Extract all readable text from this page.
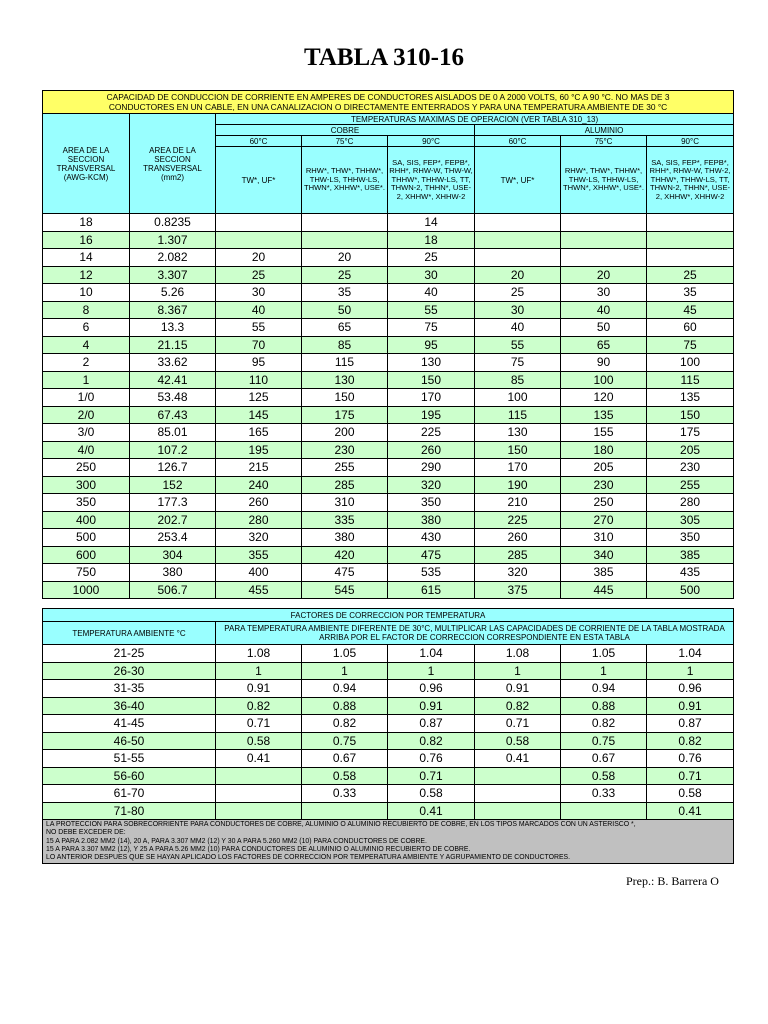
TABLA 310-16
CAPACIDAD DE CONDUCCION DE CORRIENTE EN AMPERES DE CONDUCTORES AISLADOS DE 0 A 2000 VOLTS, 60 °C A 90 °C. NO MAS DE 3
CONDUCTORES EN UN CABLE, EN UNA CANALIZACION O DIRECTAMENTE ENTERRADOS Y PARA UNA TEMPERATURA AMBIENTE DE 30 °C							

AREA DE LA SECCION TRANSVERSAL (AWG-KCM)	AREA DE LA SECCION TRANSVERSAL (mm2)	TEMPERATURAS MAXIMAS DE OPERACION (VER TABLA 310_13)					
		COBRE			ALUMINIO		
		60°C	75°C	90°C	60°C	75°C	90°C
		TW*, UF*	RHW*, THW*, THHW*, THW-LS, THHW-LS, THWN*, XHHW*, USE*.	SA, SIS, FEP*, FEPB*, RHH*, RHW-W, THW-W, THHW*, THHW-LS, TT, THWN-2, THHN*, USE-2, XHHW*, XHHW-2	TW*, UF*	RHW*, THW*, THHW*, THW-LS, THHW-LS, THWN*, XHHW*, USE*.	SA, SIS, FEP*, FEPB*, RHH*, RHW-W, THW-2, THHW*, THHW-LS, TT, THWN-2, THHN*, USE-2, XHHW*, XHHW-2
18	0.8235			14			
16	1.307			18			
14	2.082	20	20	25			
12	3.307	25	25	30	20	20	25
10	5.26	30	35	40	25	30	35
8	8.367	40	50	55	30	40	45
6	13.3	55	65	75	40	50	60
4	21.15	70	85	95	55	65	75
2	33.62	95	115	130	75	90	100
1	42.41	110	130	150	85	100	115
1/0	53.48	125	150	170	100	120	135
2/0	67.43	145	175	195	115	135	150
3/0	85.01	165	200	225	130	155	175
4/0	107.2	195	230	260	150	180	205
250	126.7	215	255	290	170	205	230
300	152	240	285	320	190	230	255
350	177.3	260	310	350	210	250	280
400	202.7	280	335	380	225	270	305
500	253.4	320	380	430	260	310	350
600	304	355	420	475	285	340	385
750	380	400	475	535	320	385	435
1000	506.7	455	545	615	375	445	500
FACTORES DE CORRECCION POR TEMPERATURA						
TEMPERATURA AMBIENTE °C	PARA TEMPERATURA AMBIENTE DIFERENTE DE 30°C, MULTIPLICAR LAS CAPACIDADES DE CORRIENTE DE LA TABLA MOSTRADA ARRIBA POR EL FACTOR DE CORRECCION CORRESPONDIENTE EN ESTA TABLA					
21-25	1.08	1.05	1.04	1.08	1.05	1.04
26-30	1	1	1	1	1	1
31-35	0.91	0.94	0.96	0.91	0.94	0.96
36-40	0.82	0.88	0.91	0.82	0.88	0.91
41-45	0.71	0.82	0.87	0.71	0.82	0.87
46-50	0.58	0.75	0.82	0.58	0.75	0.82
51-55	0.41	0.67	0.76	0.41	0.67	0.76
56-60		0.58	0.71		0.58	0.71
61-70		0.33	0.58		0.33	0.58
71-80			0.41			0.41

LA PROTECCION PARA SOBRECORRIENTE PARA CONDUCTORES DE COBRE, ALUMINIO O ALUMINIO RECUBIERTO DE COBRE, EN LOS TIPOS MARCADOS CON UN ASTERISCO *,
NO DEBE EXCEDER DE:
15 A PARA 2.082 MM2 (14), 20 A, PARA 3.307 MM2 (12) Y 30 A PARA 5.260 MM2 (10) PARA CONDUCTORES DE COBRE.
15 A PARA 3.307 MM2 (12), Y 25 A PARA 5.26 MM2 (10) PARA CONDUCTORES DE ALUMINIO O ALUMINIO RECUBIERTO DE COBRE.
LO ANTERIOR DESPUES QUE SE HAYAN APLICADO LOS FACTORES DE CORRECCION POR TEMPERATURA AMBIENTE Y AGRUPAMIENTO DE CONDUCTORES.						
Prep.: B. Barrera O
